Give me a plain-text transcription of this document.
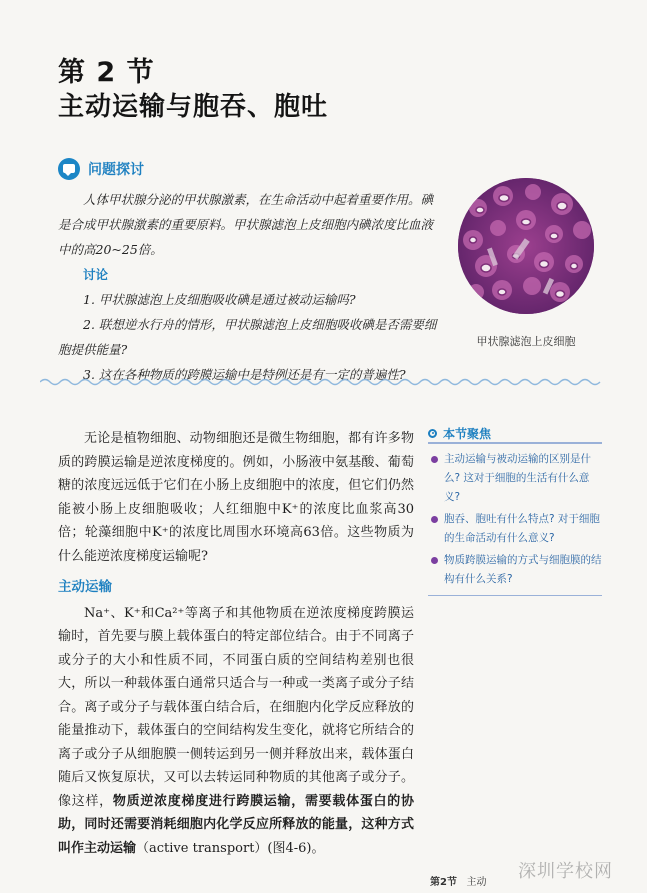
第 2 节
主动运输与胞吞、胞吐
问题探讨

人体甲状腺分泌的甲状腺激素，在生命活动中起着重要作用。碘是合成甲状腺激素的重要原料。甲状腺滤泡上皮细胞内碘浓度比血液中的高20~25倍。

讨论

1. 甲状腺滤泡上皮细胞吸收碘是通过被动运输吗?

2. 联想逆水行舟的情形，甲状腺滤泡上皮细胞吸收碘是否需要细胞提供能量?

3. 这在各种物质的跨膜运输中是特例还是有一定的普遍性?

甲状腺滤泡上皮细胞

无论是植物细胞、动物细胞还是微生物细胞，都有许多物质的跨膜运输是逆浓度梯度的。例如，小肠液中氨基酸、葡萄糖的浓度远远低于它们在小肠上皮细胞中的浓度，但它们仍然能被小肠上皮细胞吸收；人红细胞中K⁺的浓度比血浆高30倍；轮藻细胞中K⁺的浓度比周围水环境高63倍。这些物质为什么能逆浓度梯度运输呢?

主动运输

Na⁺、K⁺和Ca²⁺等离子和其他物质在逆浓度梯度跨膜运输时，首先要与膜上载体蛋白的特定部位结合。由于不同离子或分子的大小和性质不同，不同蛋白质的空间结构差别也很大，所以一种载体蛋白通常只适合与一种或一类离子或分子结合。离子或分子与载体蛋白结合后，在细胞内化学反应释放的能量推动下，载体蛋白的空间结构发生变化，就将它所结合的离子或分子从细胞膜一侧转运到另一侧并释放出来，载体蛋白随后又恢复原状，又可以去转运同种物质的其他离子或分子。像这样，物质逆浓度梯度进行跨膜运输，需要载体蛋白的协助，同时还需要消耗细胞内化学反应所释放的能量，这种方式叫作主动运输（active transport）(图4-6)。

本节聚焦
主动运输与被动运输的区别是什么? 这对于细胞的生活有什么意义?
胞吞、胞吐有什么特点? 对于细胞的生命活动有什么意义?
物质跨膜运输的方式与细胞膜的结构有什么关系?
第2节 主动
深圳学校网
